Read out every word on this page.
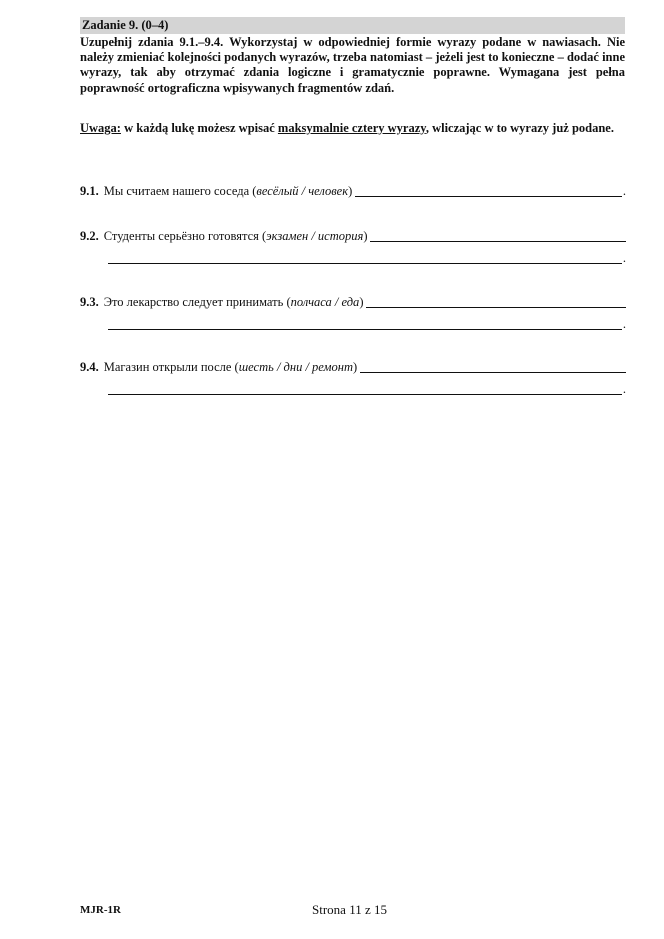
Zadanie 9. (0–4)

Uzupełnij zdania 9.1.–9.4. Wykorzystaj w odpowiedniej formie wyrazy podane w nawiasach. Nie należy zmieniać kolejności podanych wyrazów, trzeba natomiast – jeżeli jest to konieczne – dodać inne wyrazy, tak aby otrzymać zdania logiczne i gramatycznie poprawne. Wymagana jest pełna poprawność ortograficzna wpisywanych fragmentów zdań.

Uwaga: w każdą lukę możesz wpisać maksymalnie cztery wyrazy, wliczając w to wyrazy już podane.

9.1. Мы считаем нашего соседа ( весёлый / человек )	.
9.2. Студенты серьёзно готовятся ( экзамен / история )
.
9.3. Это лекарство следует принимать ( полчаса / еда )
.
9.4. Магазин открыли после ( шесть / дни / ремонт )
.
MJR-1R	Strona 11 z 15
